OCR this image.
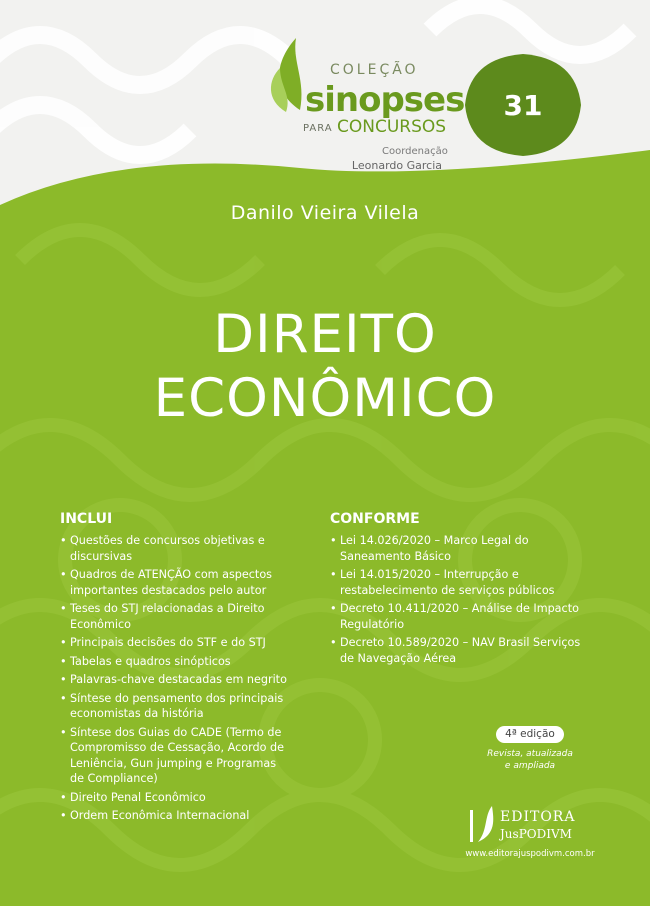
COLEÇÃO
sinopses
PARA CONCURSOS
Coordenação
Leonardo Garcia
31
Danilo Vieira Vilela
DIREITO
ECONÔMICO
INCLUI
• Questões de concursos objetivas e discursivas
• Quadros de ATENÇÃO com aspectos importantes destacados pelo autor
• Teses do STJ relacionadas a Direito Econômico
• Principais decisões do STF e do STJ
• Tabelas e quadros sinópticos
• Palavras-chave destacadas em negrito
• Síntese do pensamento dos principais economistas da história
• Síntese dos Guias do CADE (Termo de Compromisso de Cessação, Acordo de Leniência, Gun jumping e Programas de Compliance)
• Direito Penal Econômico
• Ordem Econômica Internacional
CONFORME
• Lei 14.026/2020 – Marco Legal do Saneamento Básico
• Lei 14.015/2020 – Interrupção e restabelecimento de serviços públicos
• Decreto 10.411/2020 – Análise de Impacto Regulatório
• Decreto 10.589/2020 – NAV Brasil Serviços de Navegação Aérea
4ª edição
Revista, atualizada
e ampliada
EDITORA
JusPODIVM
www.editorajuspodivm.com.br
